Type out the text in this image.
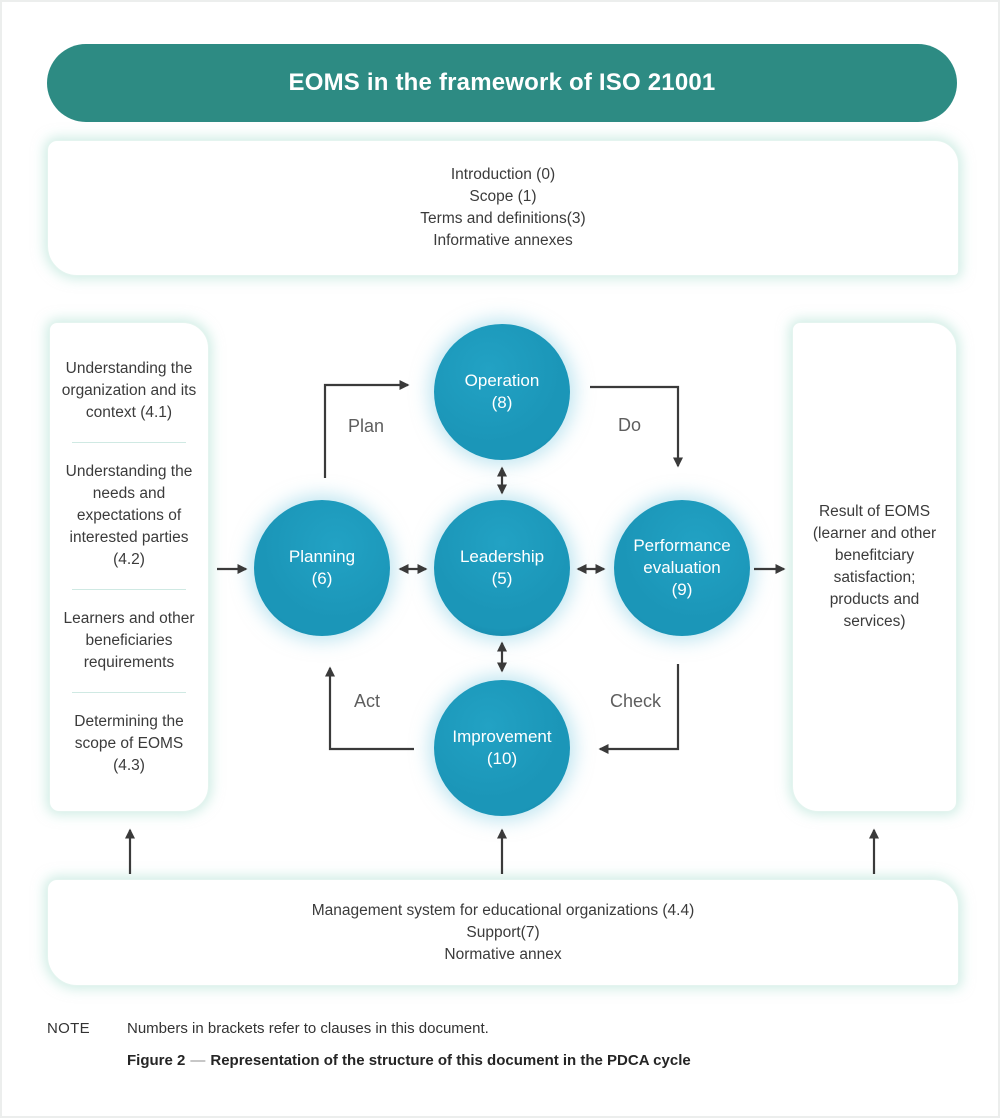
EOMS in the framework of ISO 21001
Introduction (0)
Scope (1)
Terms and definitions(3)
Informative annexes
Understanding the organization and its context (4.1)
Understanding the needs and expectations of interested parties (4.2)
Learners and other beneficiaries requirements
Determining the scope of EOMS (4.3)
Result of EOMS (learner and other benefitciary satisfaction; products and services)
Management system for educational organizations (4.4)
Support(7)
Normative annex
Operation
(8)
Planning
(6)
Leadership
(5)
Performance evaluation
(9)
Improvement
(10)
Plan	Do
Act	Check
NOTE	Numbers in brackets refer to clauses in this document.
Figure 2 — Representation of the structure of this document in the PDCA cycle
